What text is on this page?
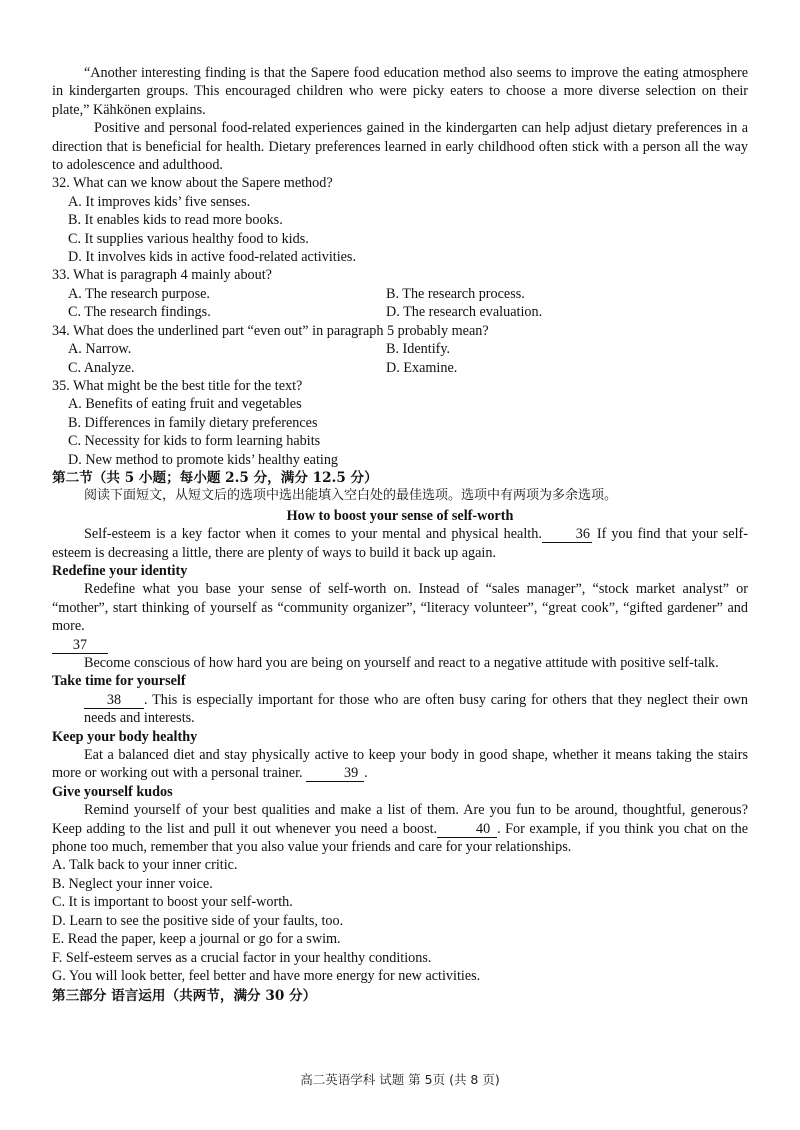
“Another interesting finding is that the Sapere food education method also seems to improve the eating atmosphere in kindergarten groups. This encouraged children who were picky eaters to choose a more diverse selection on their plate,” Kähkönen explains.

Positive and personal food-related experiences gained in the kindergarten can help adjust dietary preferences in a direction that is beneficial for health. Dietary preferences learned in early childhood often stick with a person all the way to adolescence and adulthood.

32. What can we know about the Sapere method?

A. It improves kids’ five senses.

B. It enables kids to read more books.

C. It supplies various healthy food to kids.

D. It involves kids in active food-related activities.

33. What is paragraph 4 mainly about?

A. The research purpose.	B. The research process.
C. The research findings.	D. The research evaluation.

34. What does the underlined part “even out” in paragraph 5 probably mean?

A. Narrow.	B. Identify.
C. Analyze.	D. Examine.

35. What might be the best title for the text?

A. Benefits of eating fruit and vegetables

B. Differences in family dietary preferences

C. Necessity for kids to form learning habits

D. New method to promote kids’ healthy eating

第二节（共 5 小题；每小题 2.5 分，满分 12.5 分）

阅读下面短文，从短文后的选项中选出能填入空白处的最佳选项。选项中有两项为多余选项。

How to boost your sense of self-worth

Self-esteem is a key factor when it comes to your mental and physical health. 36 If you find that your self-esteem is decreasing a little, there are plenty of ways to build it back up again.

Redefine your identity

Redefine what you base your sense of self-worth on. Instead of “sales manager”, “stock market analyst” or “mother”, start thinking of yourself as “community organizer”, “literacy volunteer”, “great cook”, “gifted gardener” and more.

37

Become conscious of how hard you are being on yourself and react to a negative attitude with positive self-talk.

Take time for yourself

38 . This is especially important for those who are often busy caring for others that they neglect their own needs and interests.

Keep your body healthy

Eat a balanced diet and stay physically active to keep your body in good shape, whether it means taking the stairs more or working out with a personal trainer.	39 .

Give yourself kudos

Remind yourself of your best qualities and make a list of them. Are you fun to be around, thoughtful, generous? Keep adding to the list and pull it out whenever you need a boost.	40 . For example, if you think you chat on the phone too much, remember that you also value your friends and care for your relationships.

A. Talk back to your inner critic.

B. Neglect your inner voice.

C. It is important to boost your self-worth.

D. Learn to see the positive side of your faults, too.

E. Read the paper, keep a journal or go for a swim.

F. Self-esteem serves as a crucial factor in your healthy conditions.

G. You will look better, feel better and have more energy for new activities.

第三部分 语言运用（共两节，满分 30 分）

高二英语学科 试题 第 5页 (共 8 页)
